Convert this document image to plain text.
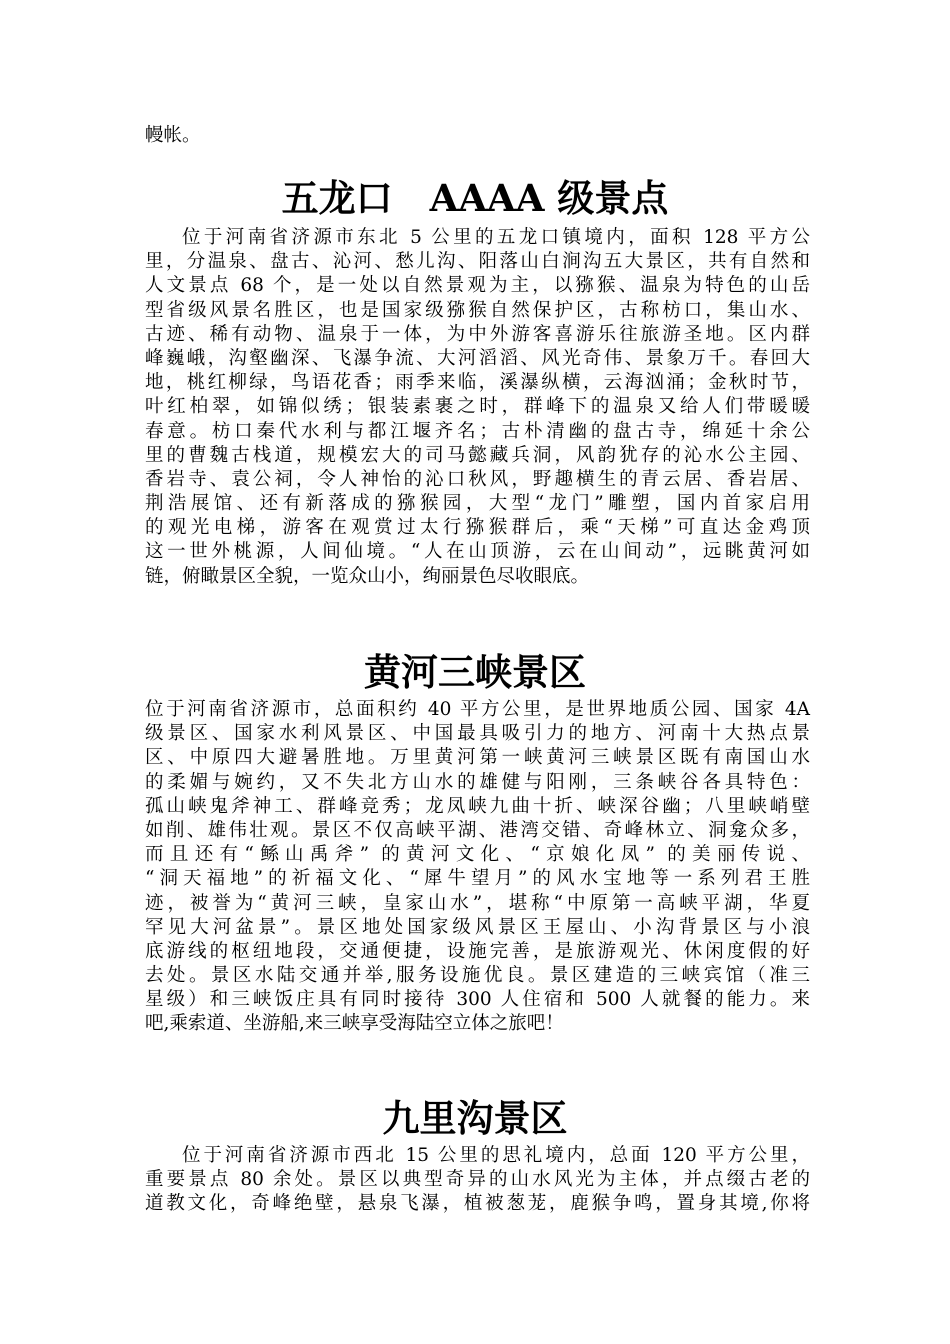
幔帐。
五龙口　AAAA 级景点
位于河南省济源市东北 5 公里的五龙口镇境内，面积 128 平方公
里，分温泉、盘古、沁河、愁儿沟、阳落山白涧沟五大景区，共有自然和
人文景点 68 个，是一处以自然景观为主，以猕猴、温泉为特色的山岳
型省级风景名胜区，也是国家级猕猴自然保护区，古称枋口，集山水、
古迹、稀有动物、温泉于一体，为中外游客喜游乐往旅游圣地。区内群
峰巍峨，沟壑幽深、飞瀑争流、大河滔滔、风光奇伟、景象万千。春回大
地，桃红柳绿，鸟语花香；雨季来临，溪瀑纵横，云海汹涌；金秋时节，
叶红柏翠，如锦似绣；银装素裹之时，群峰下的温泉又给人们带暖暖
春意。枋口秦代水利与都江堰齐名；古朴清幽的盘古寺，绵延十余公
里的曹魏古栈道，规模宏大的司马懿藏兵洞，风韵犹存的沁水公主园、
香岩寺、袁公祠，令人神怡的沁口秋风，野趣横生的青云居、香岩居、
荆浩展馆、还有新落成的猕猴园，大型“龙门”雕塑，国内首家启用
的观光电梯，游客在观赏过太行猕猴群后，乘“天梯”可直达金鸡顶
这一世外桃源，人间仙境。“人在山顶游，云在山间动”，远眺黄河如
链，俯瞰景区全貌，一览众山小，绚丽景色尽收眼底。
黄河三峡景区
位于河南省济源市，总面积约 40 平方公里，是世界地质公园、国家 4A
级景区、国家水利风景区、中国最具吸引力的地方、河南十大热点景
区、中原四大避暑胜地。万里黄河第一峡黄河三峡景区既有南国山水
的柔媚与婉约，又不失北方山水的雄健与阳刚，三条峡谷各具特色：
孤山峡鬼斧神工、群峰竞秀；龙凤峡九曲十折、峡深谷幽；八里峡峭壁
如削、雄伟壮观。景区不仅高峡平湖、港湾交错、奇峰林立、洞龛众多，
而且还有“鲧山禹斧” 的黄河文化、“京娘化凤” 的美丽传说、
“洞天福地”的祈福文化、“犀牛望月”的风水宝地等一系列君王胜
迹，被誉为“黄河三峡，皇家山水”，堪称“中原第一高峡平湖，华夏
罕见大河盆景”。景区地处国家级风景区王屋山、小沟背景区与小浪
底游线的枢纽地段，交通便捷，设施完善，是旅游观光、休闲度假的好
去处。景区水陆交通并举,服务设施优良。景区建造的三峡宾馆（准三
星级）和三峡饭庄具有同时接待 300 人住宿和 500 人就餐的能力。来
吧,乘索道、坐游船,来三峡享受海陆空立体之旅吧！
九里沟景区
位于河南省济源市西北 15 公里的思礼境内，总面 120 平方公里，
重要景点 80 余处。景区以典型奇异的山水风光为主体，并点缀古老的
道教文化，奇峰绝壁，悬泉飞瀑，植被葱茏，鹿猴争鸣，置身其境,你将
